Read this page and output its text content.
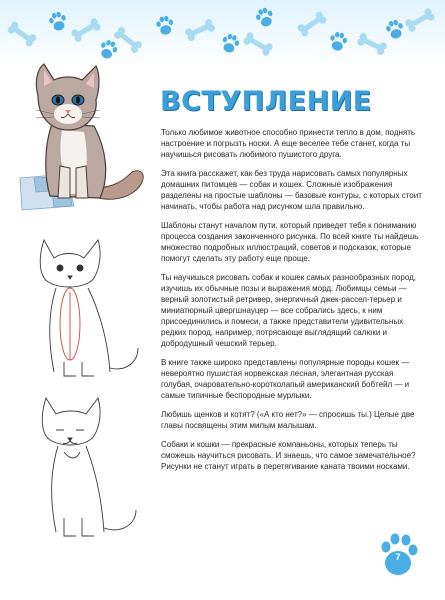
ВСТУПЛЕНИЕ

Только любимое животное способно принести тепло в дом, поднять настроение и погрызть носки. А еще веселее тебе станет, когда ты научишься рисовать любимого пушистого друга.

Эта книга расскажет, как без труда нарисовать самых популярных домашних питомцев — собак и кошек. Сложные изображения разделены на простые шаблоны — базовые контуры, с которых стоит начинать, чтобы работа над рисунком шла правильно.

Шаблоны станут началом пути, который приведет тебя к пониманию процесса создания законченного рисунка. По всей книге ты найдешь множество подробных иллюстраций, советов и подсказок, которые помогут сделать эту работу еще проще.

Ты научишься рисовать собак и кошек самых разнообразных пород, изучишь их обычные позы и выражения морд. Любимцы семьи — верный золотистый ретривер, энергичный джек-рассел-терьер и миниатюрный цвергшнауцер — все собрались здесь, к ним присоединились и помеси, а также представители удивительных редких пород, например, потрясающе выглядящий салюки и добродушный чешский терьер.

В книге также широко представлены популярные породы кошек — невероятно пушистая норвежская лесная, элегантная русская голубая, очаровательно-коротколапый американский бобтейл — и самые типичные беспородные мурлыки.

Любишь щенков и котят? («А кто нет?» — спросишь ты.) Целые две главы посвящены этим милым малышам.

Собаки и кошки — прекрасные компаньоны, которых теперь ты сможешь научиться рисовать. И знаешь, что самое замечательное? Рисунки не станут играть в перетягивание каната твоими носками.

7
